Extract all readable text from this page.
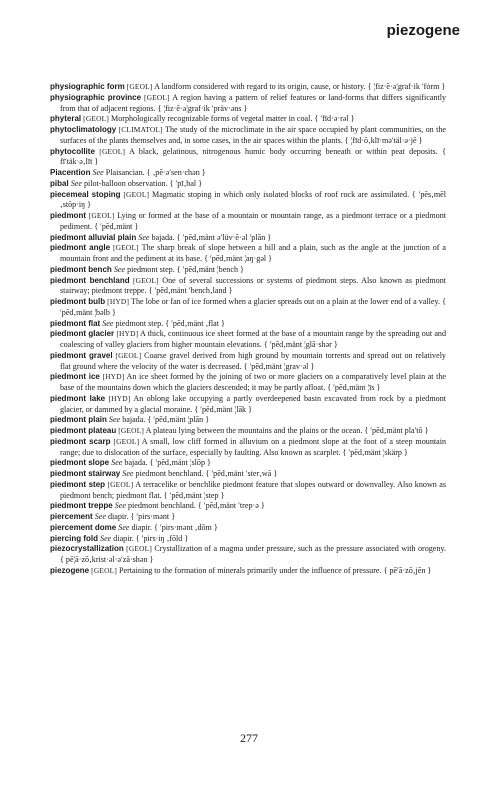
piezogene
physiographic form [GEOL] A landform considered with regard to its origin, cause, or history. { ¦fiz·ē·ə¦graf·ik ′fȯrm }
physiographic province [GEOL] A region having a pattern of relief features or land-forms that differs significantly from that of adjacent regions. { ¦fiz·ē·ə¦graf·ik ′präv·əns }
phyteral [GEOL] Morphologically recognizable forms of vegetal matter in coal. { ′fīd·ə·rəl }
phytoclimatology [CLIMATOL] The study of the microclimate in the air space occupied by plant communities, on the surfaces of the plants themselves and, in some cases, in the air spaces within the plants. { ¦fīd·ō‚klī·mə′täl·ə·jē }
phytocollite [GEOL] A black, gelatinous, nitrogenous humic body occurring beneath or within peat deposits. { fī′täk·ə‚līt }
Piacention See Plaisancian. { ‚pē·ə′sen·chən }
pibal See pilot-balloon observation. { ′pī‚bal }
piecemeal stoping [GEOL] Magmatic stoping in which only isolated blocks of roof rock are assimilated. { ′pēs‚mēl ‚stōp·iŋ }
piedmont [GEOL] Lying or formed at the base of a mountain or mountain range, as a piedmont terrace or a piedmont pediment. { ′pēd‚mänt }
piedmont alluvial plain See bajada. { ′pēd‚mänt ə′lüv·ē·əl ′plān }
piedmont angle [GEOL] The sharp break of slope between a hill and a plain, such as the angle at the junction of a mountain front and the pediment at its base. { ′pēd‚mänt ¦aŋ·gəl }
piedmont bench See piedmont step. { ′pēd‚mänt ¦bench }
piedmont benchland [GEOL] One of several successions or systems of piedmont steps. Also known as piedmont stairway; piedmont treppe. { ′pēd‚mänt ′bench‚land }
piedmont bulb [HYD] The lobe or fan of ice formed when a glacier spreads out on a plain at the lower end of a valley. { ′pēd‚mänt ¦bəlb }
piedmont flat See piedmont step. { ′pēd‚mänt ‚flat }
piedmont glacier [HYD] A thick, continuous ice sheet formed at the base of a mountain range by the spreading out and coalescing of valley glaciers from higher mountain elevations. { ′pēd‚mänt ¦glā·shər }
piedmont gravel [GEOL] Coarse gravel derived from high ground by mountain torrents and spread out on relatively flat ground where the velocity of the water is decreased. { ′pēd‚mänt ¦grav·əl }
piedmont ice [HYD] An ice sheet formed by the joining of two or more glaciers on a comparatively level plain at the base of the mountains down which the glaciers descended; it may be partly afloat. { ′pēd‚mänt ¦īs }
piedmont lake [HYD] An oblong lake occupying a partly overdeepened basin excavated from rock by a piedmont glacier, or dammed by a glacial moraine. { ′pēd‚mänt ¦lāk }
piedmont plain See bajada. { ′pēd‚mänt ¦plān }
piedmont plateau [GEOL] A plateau lying between the mountains and the plains or the ocean. { ′pēd‚mänt pla′tō }
piedmont scarp [GEOL] A small, low cliff formed in alluvium on a piedmont slope at the foot of a steep mountain range; due to dislocation of the surface, especially by faulting. Also known as scarplet. { ′pēd‚mänt ¦skärp }
piedmont slope See bajada. { ′pēd‚mänt ¦slōp }
piedmont stairway See piedmont benchland. { ′pēd‚mänt ′ster‚wā }
piedmont step [GEOL] A terracelike or benchlike piedmont feature that slopes outward or downvalley. Also known as piedmont bench; piedmont flat. { ′pēd‚mänt ¦step }
piedmont treppe See piedmont benchland. { ′pēd‚mänt ′trep·ə }
piercement See diapir. { ′pirs·mənt }
piercement dome See diapir. { ′pirs·mənt ‚dōm }
piercing fold See diapir. { ′pirs·iŋ ‚fōld }
piezocrystallization [GEOL] Crystallization of a magma under pressure, such as the pressure associated with orogeny. { pē¦ā·zō‚krist·əl·ə′zā·shən }
piezogene [GEOL] Pertaining to the formation of minerals primarily under the influence of pressure. { pē′ā·zō‚jēn }
277
